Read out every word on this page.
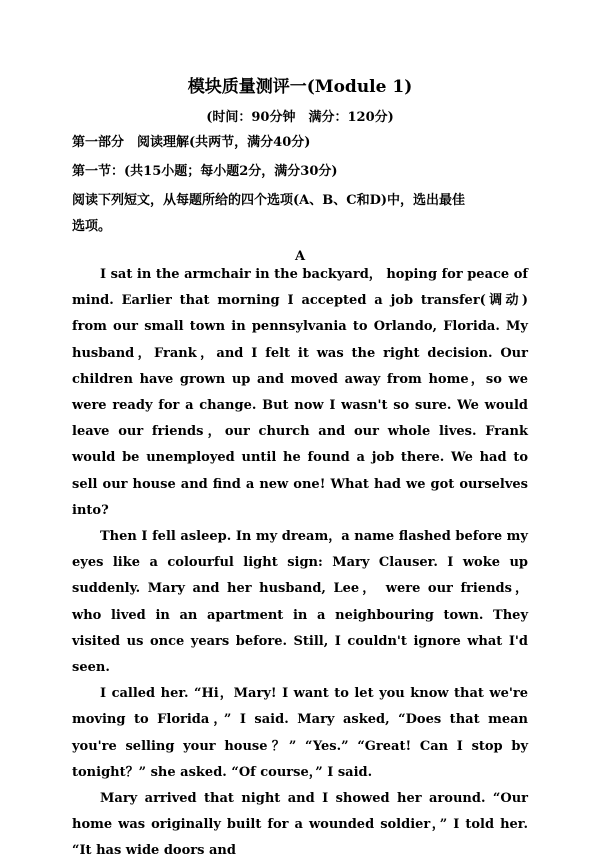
模块质量测评一(Module 1)
(时间：90分钟　满分：120分)
第一部分　阅读理解(共两节，满分40分)
第一节：(共15小题；每小题2分，满分30分)
阅读下列短文，从每题所给的四个选项(A、B、C和D)中，选出最佳
选项。
A

I sat in the armchair in the backyard， hoping for peace of mind. Earlier that morning I accepted a job transfer(调动) from our small town in pennsylvania to Orlando, Florida. My husband，Frank，and I felt it was the right decision. Our children have grown up and moved away from home，so we were ready for a change. But now I wasn't so sure. We would leave our friends，our church and our whole lives. Frank would be unemployed until he found a job there. We had to sell our house and find a new one! What had we got ourselves into?

Then I fell asleep. In my dream，a name flashed before my eyes like a colourful light sign: Mary Clauser. I woke up suddenly. Mary and her husband, Lee， were our friends， who lived in an apartment in a neighbouring town. They visited us once years before. Still, I couldn't ignore what I'd seen.

I called her. “Hi，Mary! I want to let you know that we're moving to Florida，” I said. Mary asked, “Does that mean you're selling your house？” “Yes.” “Great! Can I stop by tonight？” she asked. “Of course，” I said.

Mary arrived that night and I showed her around. “Our home was originally built for a wounded soldier，” I told her. “It has wide doors and
